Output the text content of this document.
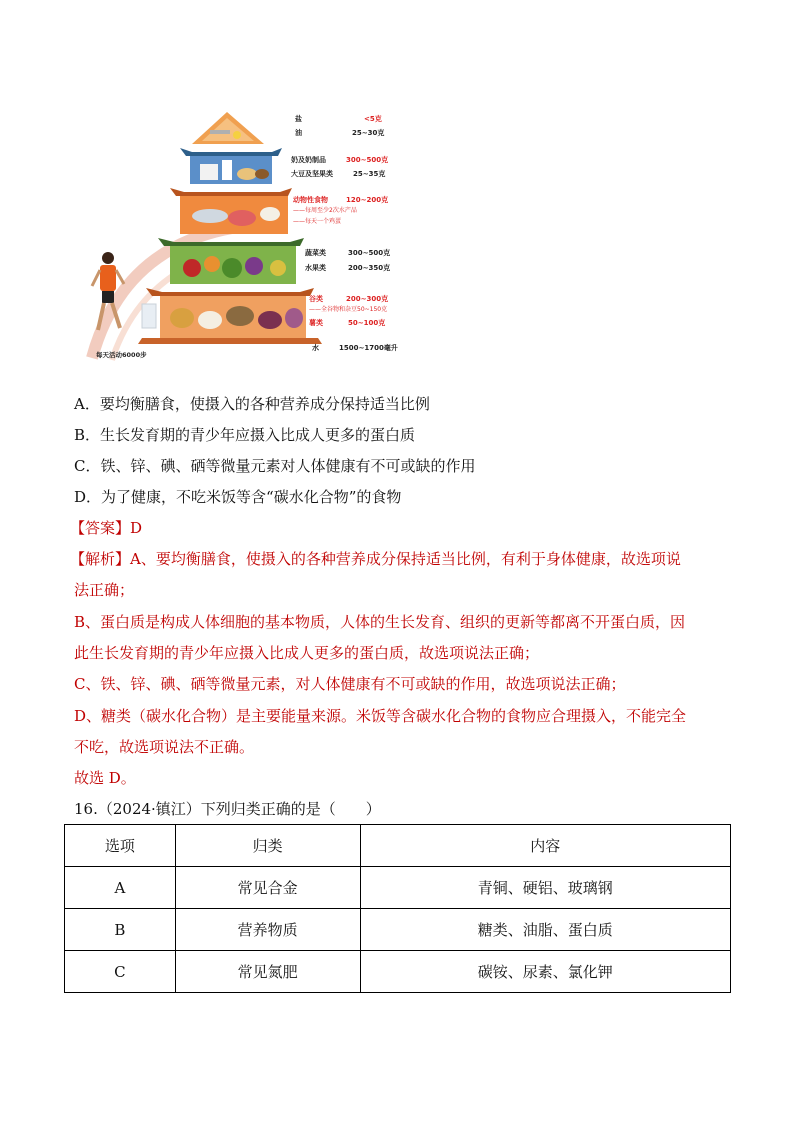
盐	<5克
油	25~30克
奶及奶制品	300~500克
大豆及坚果类	25~35克
动物性食物	120~200克
——每周至少2次水产品
——每天一个鸡蛋
蔬菜类	300~500克
水果类	200~350克
谷类	200~300克
——全谷物和杂豆50~150克
薯类	50~100克
水	1500~1700毫升
每天活动6000步
A．要均衡膳食，使摄入的各种营养成分保持适当比例
B．生长发育期的青少年应摄入比成人更多的蛋白质
C．铁、锌、碘、硒等微量元素对人体健康有不可或缺的作用
D．为了健康，不吃米饭等含“碳水化合物”的食物
【答案】D
【解析】A、要均衡膳食，使摄入的各种营养成分保持适当比例，有利于身体健康，故选项说
法正确；
B、蛋白质是构成人体细胞的基本物质，人体的生长发育、组织的更新等都离不开蛋白质，因
此生长发育期的青少年应摄入比成人更多的蛋白质，故选项说法正确；
C、铁、锌、碘、硒等微量元素，对人体健康有不可或缺的作用，故选项说法正确；
D、糖类（碳水化合物）是主要能量来源。米饭等含碳水化合物的食物应合理摄入，不能完全
不吃，故选项说法不正确。
故选 D。
16.（2024·镇江）下列归类正确的是（　　）
选项	归类	内容
A	常见合金	青铜、硬铝、玻璃钢
B	营养物质	糖类、油脂、蛋白质
C	常见氮肥	碳铵、尿素、氯化钾
